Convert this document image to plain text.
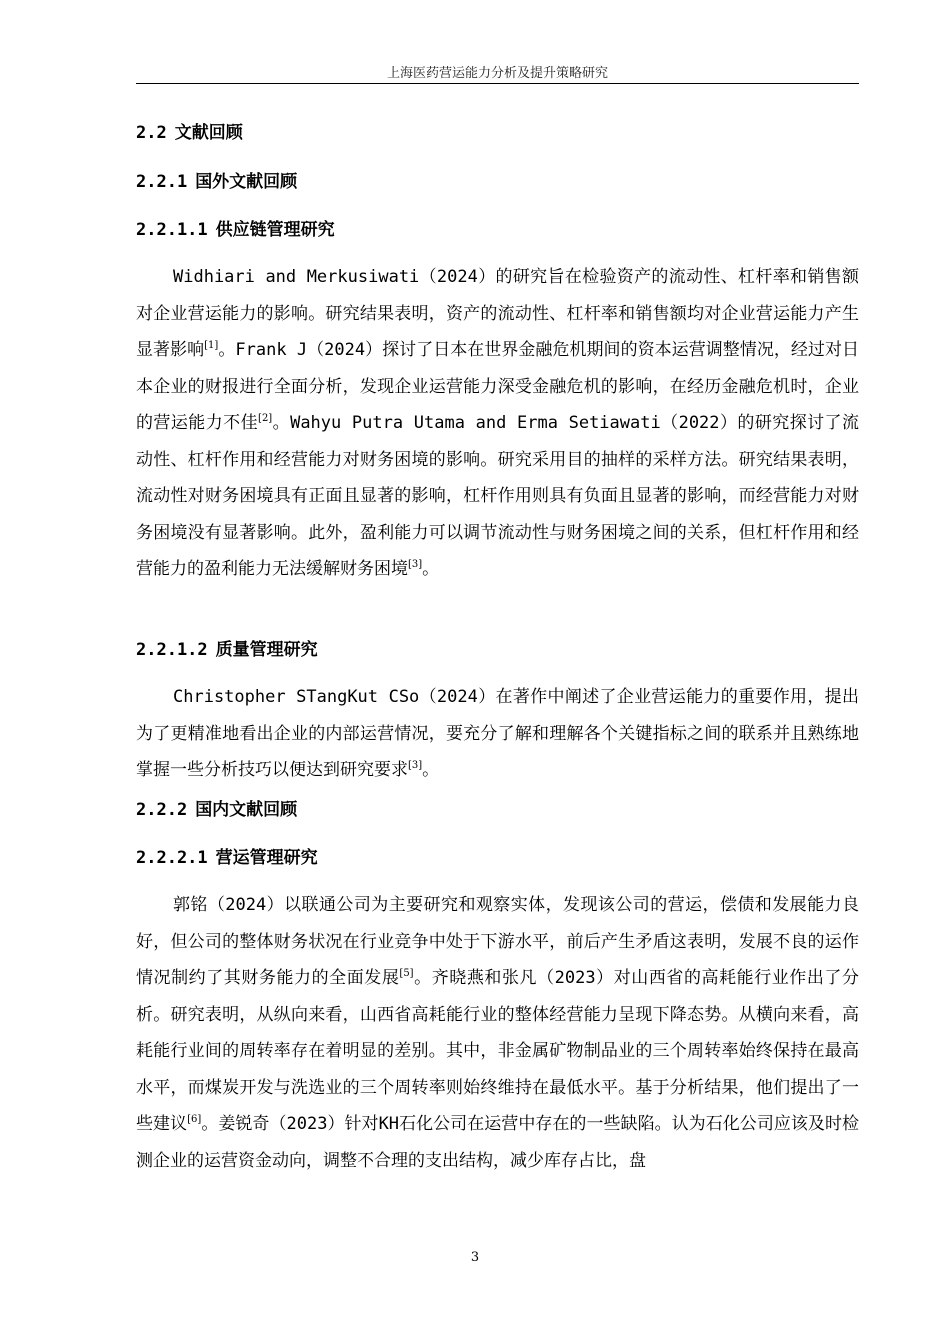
上海医药营运能力分析及提升策略研究
2.2 文献回顾
2.2.1 国外文献回顾
2.2.1.1 供应链管理研究
Widhiari and Merkusiwati（2024）的研究旨在检验资产的流动性、杠杆率和销售额对企业营运能力的影响。研究结果表明，资产的流动性、杠杆率和销售额均对企业营运能力产生显著影响[1]。Frank J（2024）探讨了日本在世界金融危机期间的资本运营调整情况，经过对日本企业的财报进行全面分析，发现企业运营能力深受金融危机的影响，在经历金融危机时，企业的营运能力不佳[2]。Wahyu Putra Utama and Erma Setiawati（2022）的研究探讨了流动性、杠杆作用和经营能力对财务困境的影响。研究采用目的抽样的采样方法。研究结果表明，流动性对财务困境具有正面且显著的影响，杠杆作用则具有负面且显著的影响，而经营能力对财务困境没有显著影响。此外，盈利能力可以调节流动性与财务困境之间的关系，但杠杆作用和经营能力的盈利能力无法缓解财务困境[3]。
2.2.1.2 质量管理研究
Christopher STangKut CSo（2024）在著作中阐述了企业营运能力的重要作用，提出为了更精准地看出企业的内部运营情况，要充分了解和理解各个关键指标之间的联系并且熟练地掌握一些分析技巧以便达到研究要求[3]。
2.2.2 国内文献回顾
2.2.2.1 营运管理研究
郭铭（2024）以联通公司为主要研究和观察实体，发现该公司的营运，偿债和发展能力良好，但公司的整体财务状况在行业竞争中处于下游水平，前后产生矛盾这表明，发展不良的运作情况制约了其财务能力的全面发展[5]。齐晓燕和张凡（2023）对山西省的高耗能行业作出了分析。研究表明，从纵向来看，山西省高耗能行业的整体经营能力呈现下降态势。从横向来看，高耗能行业间的周转率存在着明显的差别。其中，非金属矿物制品业的三个周转率始终保持在最高水平，而煤炭开发与洗选业的三个周转率则始终维持在最低水平。基于分析结果，他们提出了一些建议[6]。姜锐奇（2023）针对KH石化公司在运营中存在的一些缺陷。认为石化公司应该及时检测企业的运营资金动向，调整不合理的支出结构，减少库存占比，盘
3
